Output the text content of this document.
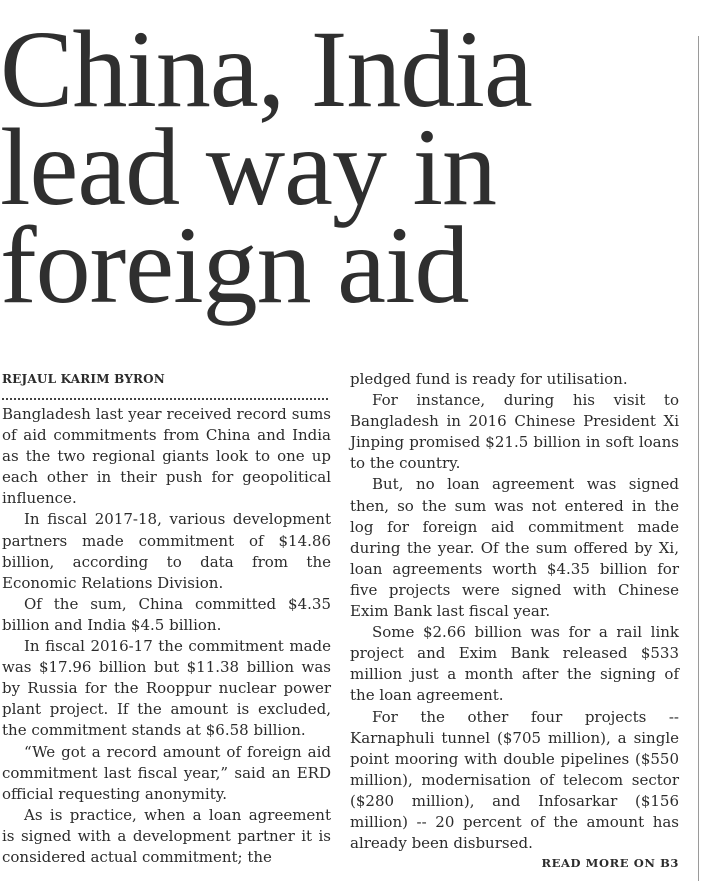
China, India
lead way in
foreign aid
REJAUL KARIM BYRON

Bangladesh last year received record sums of aid commitments from China and India as the two regional giants look to one up each other in their push for geopolitical influence.

In fiscal 2017-18, various development partners made commitment of $14.86 billion, according to data from the Economic Relations Division.

Of the sum, China committed $4.35 billion and India $4.5 billion.

In fiscal 2016-17 the commitment made was $17.96 billion but $11.38 billion was by Russia for the Rooppur nuclear power plant project. If the amount is excluded, the commitment stands at $6.58 billion.

“We got a record amount of foreign aid commitment last fiscal year,” said an ERD official requesting anonymity.

As is practice, when a loan agreement is signed with a development partner it is considered actual commitment; the

pledged fund is ready for utilisation.

For instance, during his visit to Bangladesh in 2016 Chinese President Xi Jinping promised $21.5 billion in soft loans to the country.

But, no loan agreement was signed then, so the sum was not entered in the log for foreign aid commitment made during the year. Of the sum offered by Xi, loan agreements worth $4.35 billion for five projects were signed with Chinese Exim Bank last fiscal year.

Some $2.66 billion was for a rail link project and Exim Bank released $533 million just a month after the signing of the loan agreement.

For the other four projects -- Karnaphuli tunnel ($705 million), a single point mooring with double pipelines ($550 million), modernisation of telecom sector ($280 million), and Infosarkar ($156 million) -- 20 percent of the amount has already been disbursed.

READ MORE ON B3
